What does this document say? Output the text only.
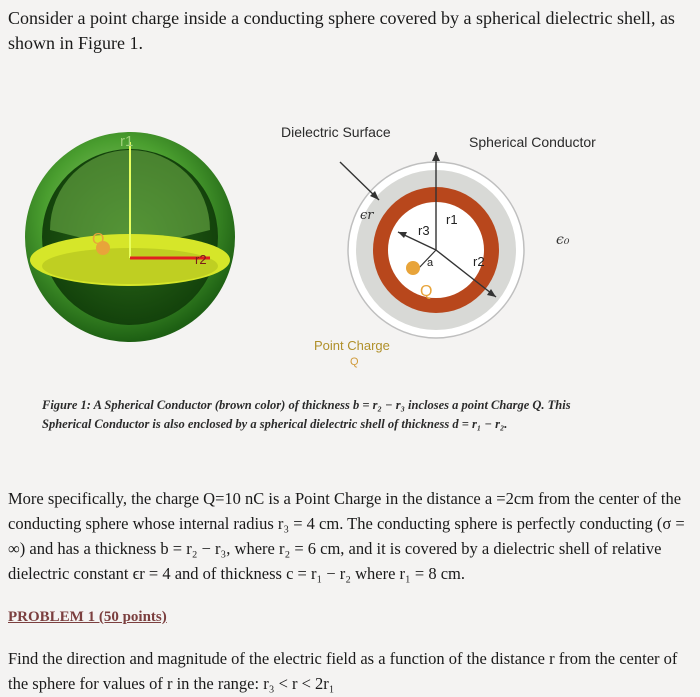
Consider a point charge inside a conducting sphere covered by a spherical dielectric shell, as shown in Figure 1.
r1
Q
r2
ϵr
ϵ₀
r1
r2
r3
a
Q
Dielectric Surface
Spherical Conductor
Point Charge
Q
Figure 1: A Spherical Conductor (brown color) of thickness b = r₂ − r₃ incloses a point Charge Q. This Spherical Conductor is also enclosed by a spherical dielectric shell of thickness d = r₁ − r₂.
More specifically, the charge Q=10 nC is a Point Charge in the distance a =2cm from the center of the conducting sphere whose internal radius r₃ = 4 cm. The conducting sphere is perfectly conducting (σ = ∞) and has a thickness b = r₂ − r₃, where r₂ = 6 cm, and it is covered by a dielectric shell of relative dielectric constant ϵr = 4 and of thickness c = r₁ − r₂ where r₁ = 8 cm.
PROBLEM 1 (50 points)
Find the direction and magnitude of the electric field as a function of the distance r from the center of the sphere for values of r in the range: r₃ < r < 2r₁
